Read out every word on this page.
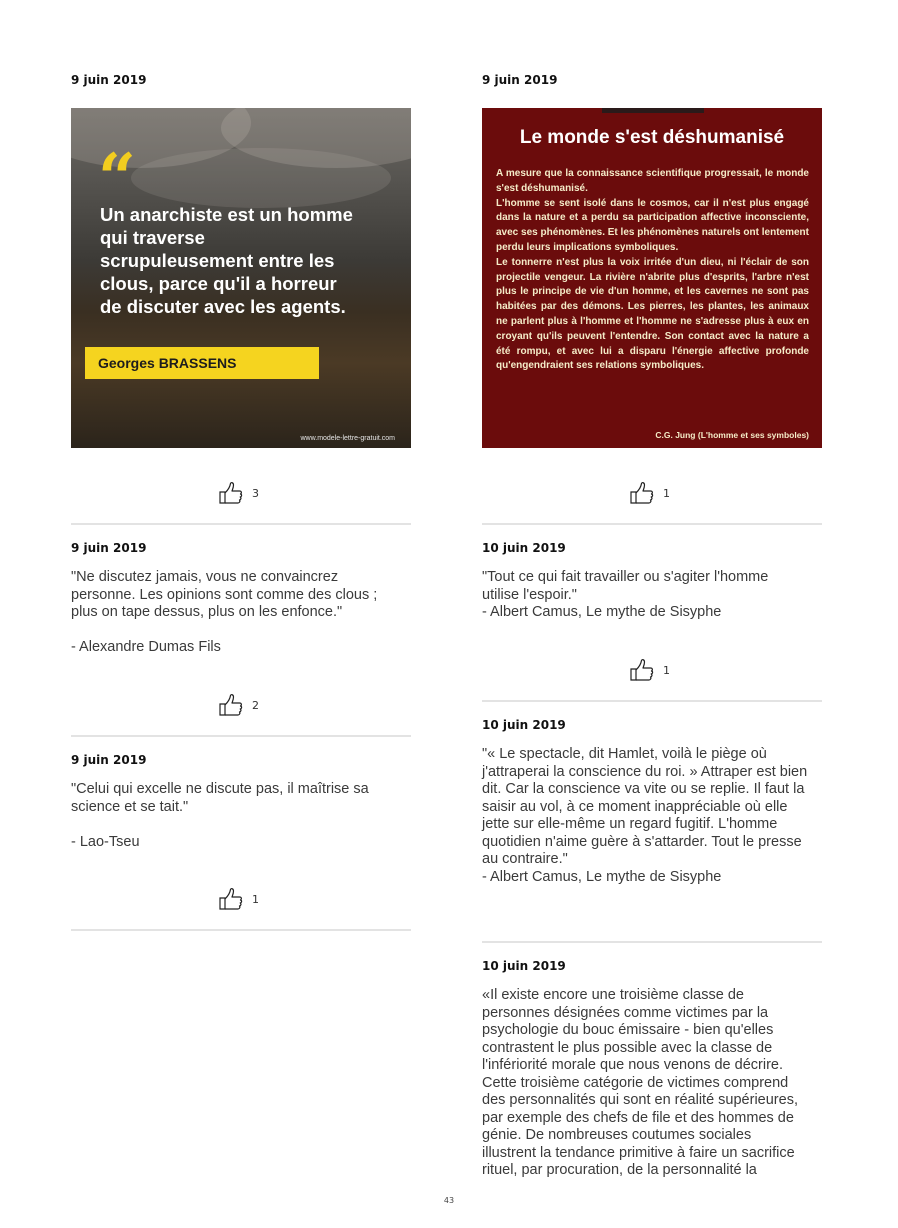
9 juin 2019
“
Un anarchiste est un homme
qui traverse
scrupuleusement entre les
clous, parce qu'il a horreur
de discuter avec les agents.
Georges BRASSENS
www.modele-lettre-gratuit.com
3
9 juin 2019
"Ne discutez jamais, vous ne convaincrez
personne. Les opinions sont comme des clous ;
plus on tape dessus, plus on les enfonce."

- Alexandre Dumas Fils
2
9 juin 2019
"Celui qui excelle ne discute pas, il maîtrise sa
science et se tait."

- Lao-Tseu
1
9 juin 2019
Le monde s'est déshumanisé
A mesure que la connaissance scientifique progressait, le monde s'est déshumanisé.
L'homme se sent isolé dans le cosmos, car il n'est plus engagé dans la nature et a perdu sa participation affective inconsciente, avec ses phénomènes. Et les phénomènes naturels ont lentement perdu leurs implications symboliques.
Le tonnerre n'est plus la voix irritée d'un dieu, ni l'éclair de son projectile vengeur. La rivière n'abrite plus d'esprits, l'arbre n'est plus le principe de vie d'un homme, et les cavernes ne sont pas habitées par des démons. Les pierres, les plantes, les animaux ne parlent plus à l'homme et l'homme ne s'adresse plus à eux en croyant qu'ils peuvent l'entendre. Son contact avec la nature a été rompu, et avec lui a disparu l'énergie affective profonde qu'engendraient ses relations symboliques.
C.G. Jung (L'homme et ses symboles)
1
10 juin 2019
"Tout ce qui fait travailler ou s'agiter l'homme
utilise l'espoir."
- Albert Camus, Le mythe de Sisyphe
1
10 juin 2019
"« Le spectacle, dit Hamlet, voilà le piège où
j'attraperai la conscience du roi. » Attraper est bien
dit. Car la conscience va vite ou se replie. Il faut la
saisir au vol, à ce moment inappréciable où elle
jette sur elle-même un regard fugitif. L'homme
quotidien n'aime guère à s'attarder. Tout le presse
au contraire."
- Albert Camus, Le mythe de Sisyphe
10 juin 2019
«Il existe encore une troisième classe de
personnes désignées comme victimes par la
psychologie du bouc émissaire - bien qu'elles
contrastent le plus possible avec la classe de
l'infériorité morale que nous venons de décrire.
Cette troisième catégorie de victimes comprend
des personnalités qui sont en réalité supérieures,
par exemple des chefs de file et des hommes de
génie. De nombreuses coutumes sociales
illustrent la tendance primitive à faire un sacrifice
rituel, par procuration, de la personnalité la
43
